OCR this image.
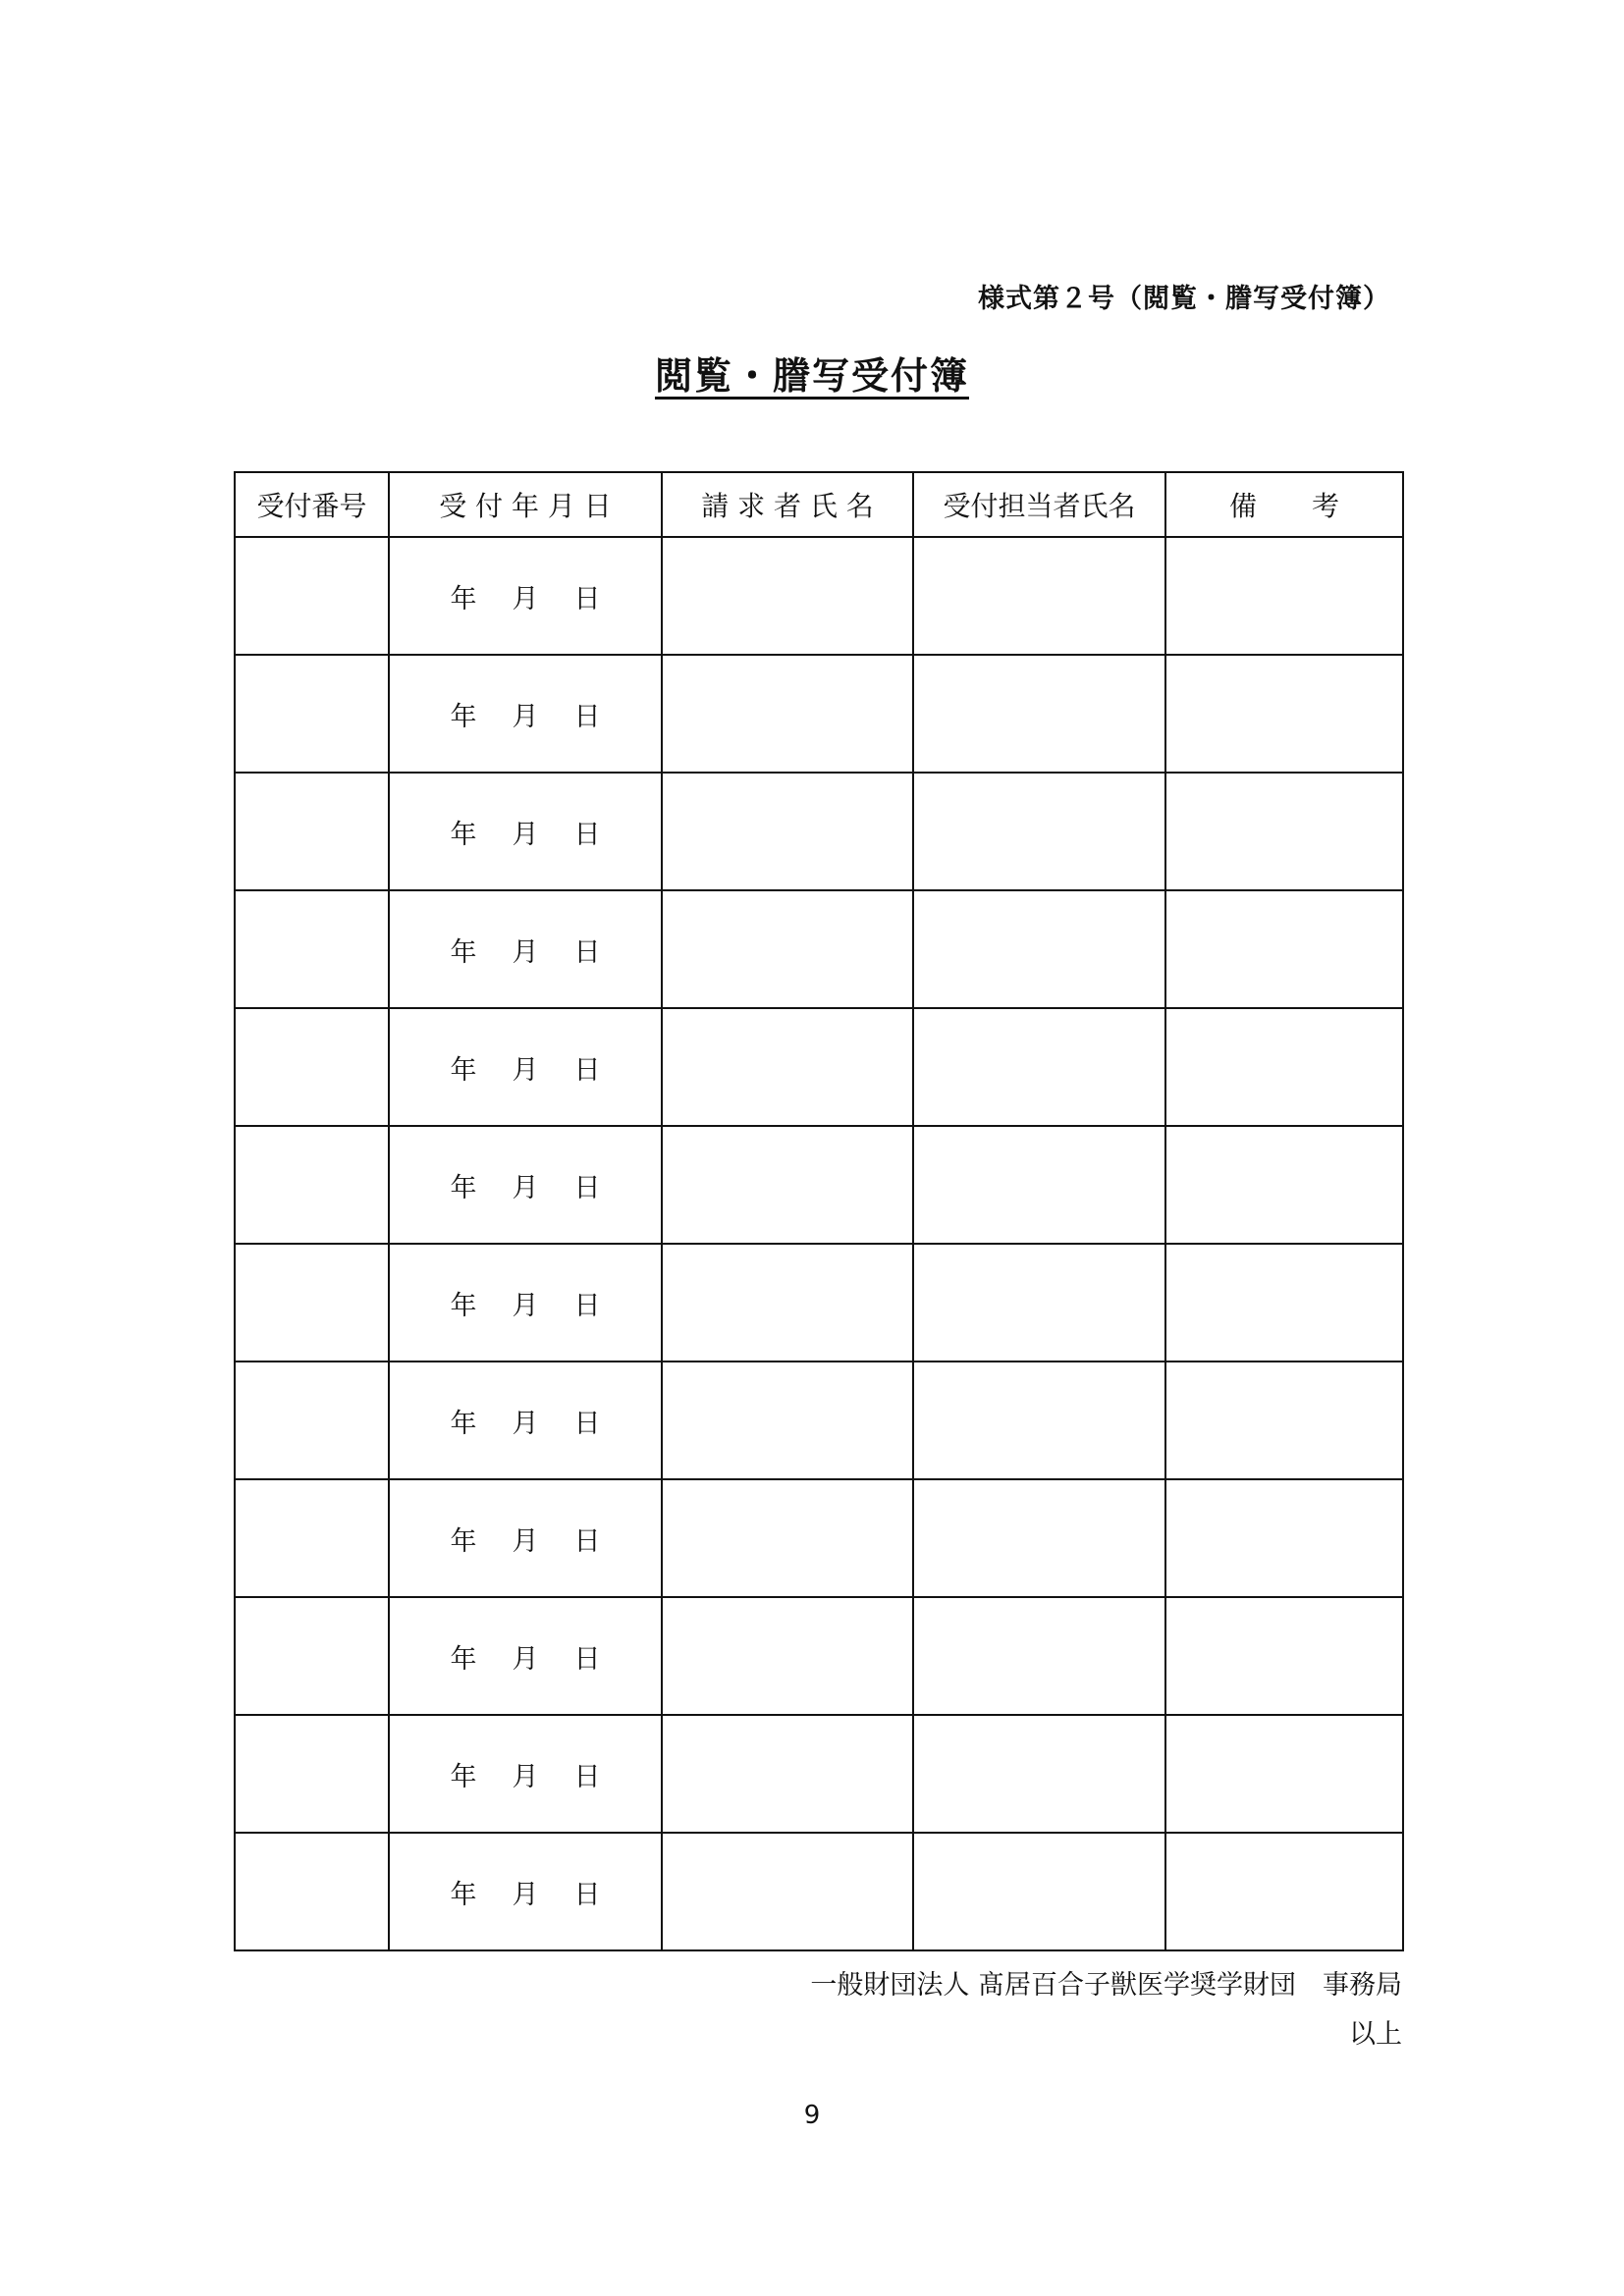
様式第２号（閲覧・謄写受付簿）
閲覧・謄写受付簿
受付番号	受 付 年 月 日	請 求 者 氏 名	受付担当者氏名	備　　考
	年 月 日			
	年 月 日			
	年 月 日			
	年 月 日			
	年 月 日			
	年 月 日			
	年 月 日			
	年 月 日			
	年 月 日			
	年 月 日			
	年 月 日			
	年 月 日			
一般財団法人 髙居百合子獣医学奨学財団　事務局
以上
9
